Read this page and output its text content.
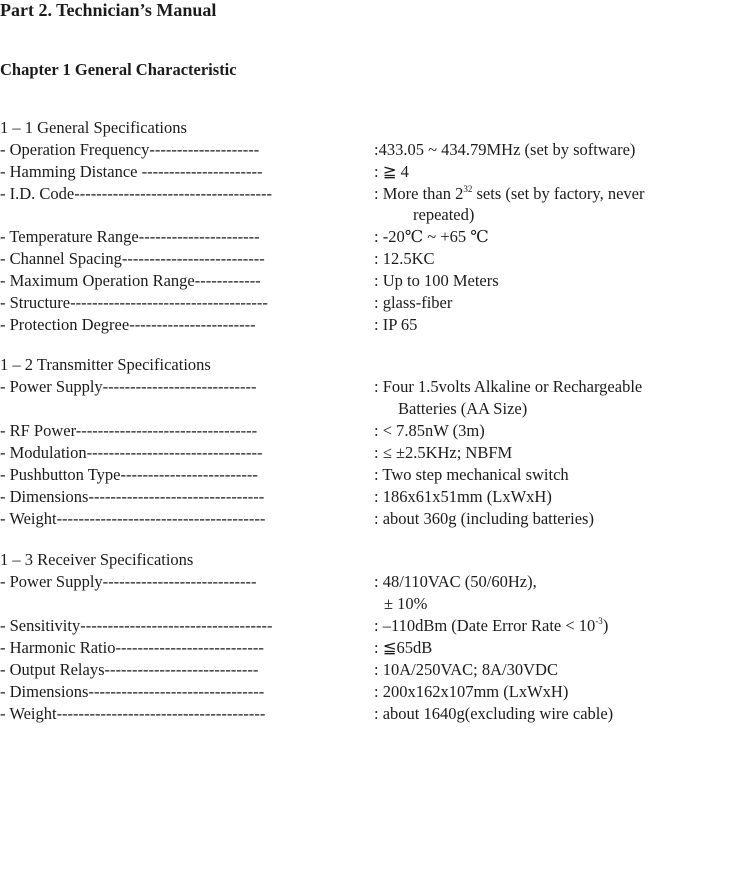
Part 2. Technician’s Manual
Chapter 1 General Characteristic
1 – 1 General Specifications
- Operation Frequency--------------------	:433.05 ~ 434.79MHz (set by software)
- Hamming Distance ----------------------	: ≧ 4
- I.D. Code------------------------------------	: More than $2^{32}$ sets (set by factory, never
repeated)
- Temperature Range----------------------	: -20℃ ~ +65 ℃
- Channel Spacing--------------------------	: 12.5KC
- Maximum Operation Range------------	: Up to 100 Meters
- Structure------------------------------------	: glass-fiber
- Protection Degree-----------------------	: IP 65
1 – 2 Transmitter Specifications
- Power Supply----------------------------	: Four 1.5volts Alkaline or Rechargeable
Batteries (AA Size)
- RF Power---------------------------------	: < 7.85nW (3m)
- Modulation--------------------------------	: ≤ ±2.5KHz; NBFM
- Pushbutton Type-------------------------	: Two step mechanical switch
- Dimensions--------------------------------	: 186x61x51mm (LxWxH)
- Weight--------------------------------------	: about 360g (including batteries)
1 – 3 Receiver Specifications
- Power Supply----------------------------	: 48/110VAC (50/60Hz),
± 10%
- Sensitivity-----------------------------------	: –110dBm (Date Error Rate < $10^{-3}$)
- Harmonic Ratio---------------------------	: ≦65dB
- Output Relays----------------------------	: 10A/250VAC; 8A/30VDC
- Dimensions--------------------------------	: 200x162x107mm (LxWxH)
- Weight--------------------------------------	: about 1640g(excluding wire cable)
